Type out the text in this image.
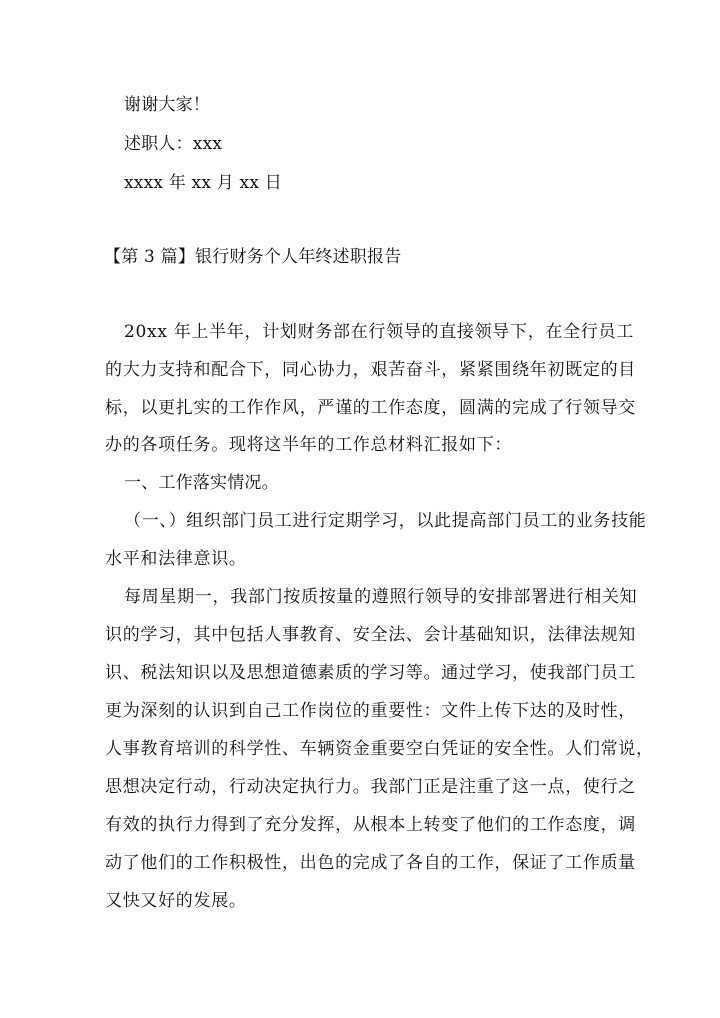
谢谢大家！
述职人：xxx
xxxx 年 xx 月 xx 日
【第 3 篇】银行财务个人年终述职报告
20xx 年上半年，计划财务部在行领导的直接领导下，在全行员工
的大力支持和配合下，同心协力，艰苦奋斗，紧紧围绕年初既定的目
标，以更扎实的工作作风，严谨的工作态度，圆满的完成了行领导交
办的各项任务。现将这半年的工作总材料汇报如下：
一、工作落实情况。
（一、）组织部门员工进行定期学习，以此提高部门员工的业务技能
水平和法律意识。
每周星期一，我部门按质按量的遵照行领导的安排部署进行相关知
识的学习，其中包括人事教育、安全法、会计基础知识，法律法规知
识、税法知识以及思想道德素质的学习等。通过学习，使我部门员工
更为深刻的认识到自己工作岗位的重要性：文件上传下达的及时性，
人事教育培训的科学性、车辆资金重要空白凭证的安全性。人们常说，
思想决定行动，行动决定执行力。我部门正是注重了这一点，使行之
有效的执行力得到了充分发挥，从根本上转变了他们的工作态度，调
动了他们的工作积极性，出色的完成了各自的工作，保证了工作质量
又快又好的发展。
